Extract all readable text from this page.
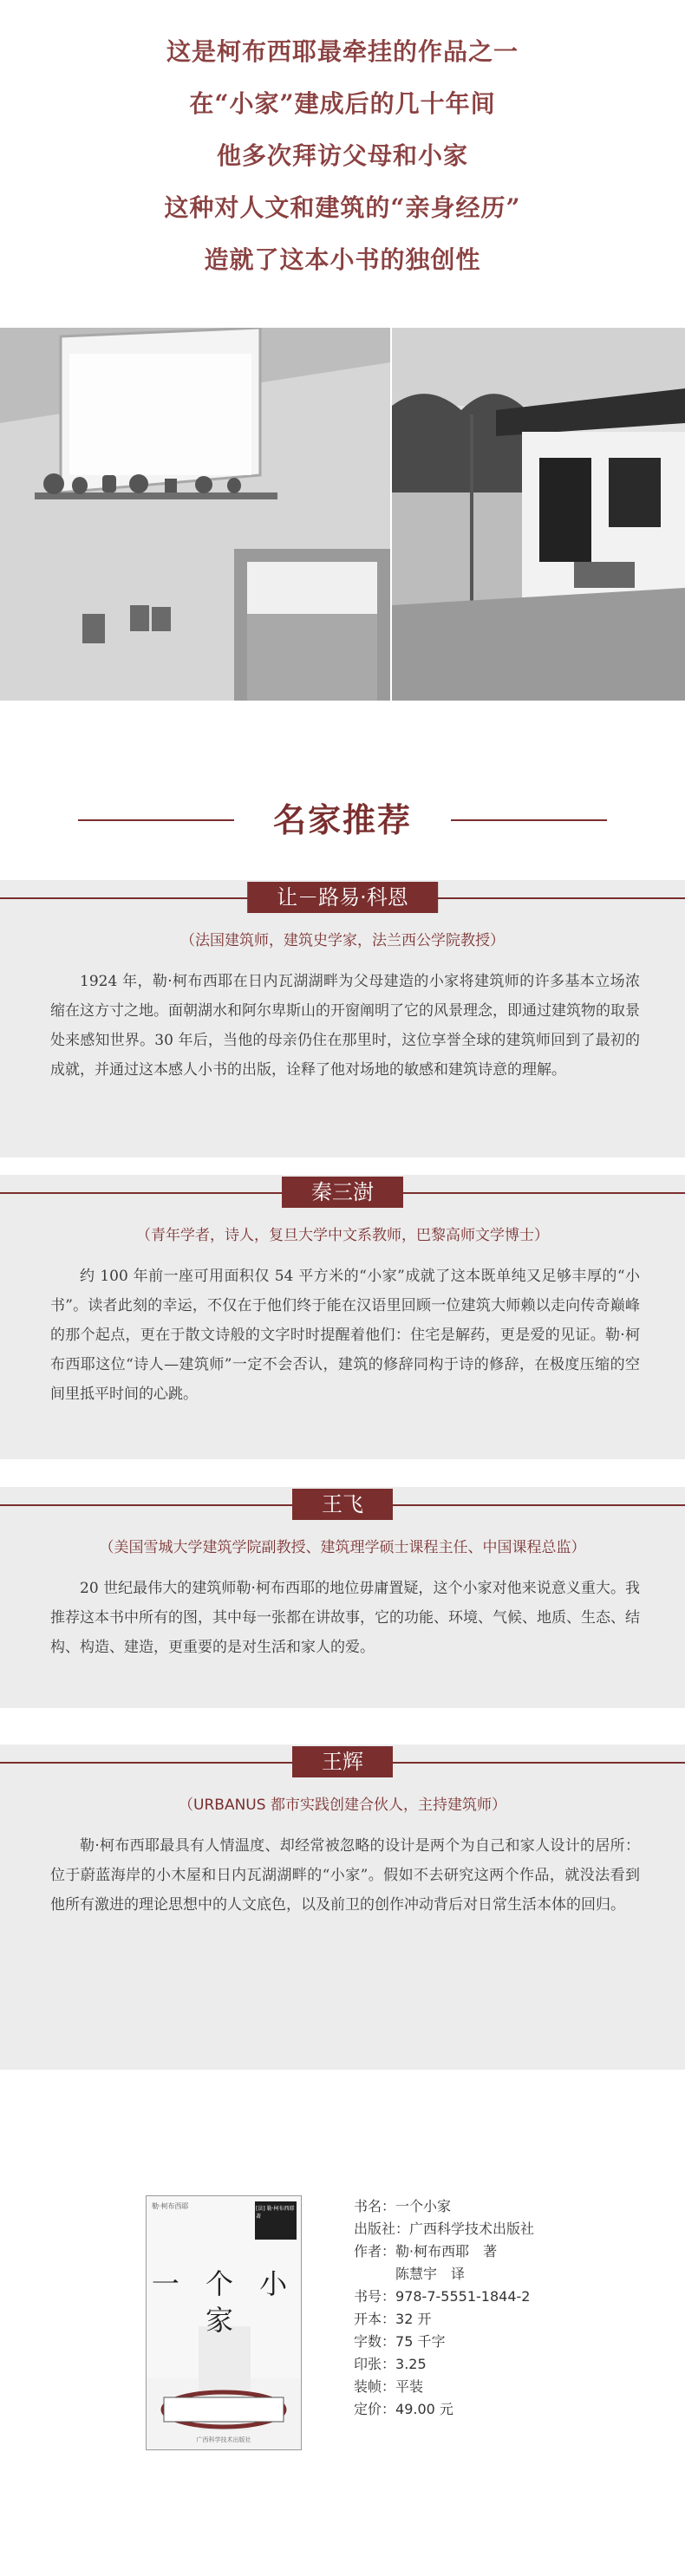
这是柯布西耶最牵挂的作品之一
在“小家”建成后的几十年间
他多次拜访父母和小家
这种对人文和建筑的“亲身经历”
造就了这本小书的独创性
名家推荐
让－路易·科恩
（法国建筑师，建筑史学家，法兰西公学院教授）
1924 年，勒·柯布西耶在日内瓦湖湖畔为父母建造的小家将建筑师的许多基本立场浓缩在这方寸之地。面朝湖水和阿尔卑斯山的开窗阐明了它的风景理念，即通过建筑物的取景处来感知世界。30 年后，当他的母亲仍住在那里时，这位享誉全球的建筑师回到了最初的成就，并通过这本感人小书的出版，诠释了他对场地的敏感和建筑诗意的理解。
秦三澍
（青年学者，诗人，复旦大学中文系教师，巴黎高师文学博士）
约 100 年前一座可用面积仅 54 平方米的“小家”成就了这本既单纯又足够丰厚的“小书”。读者此刻的幸运，不仅在于他们终于能在汉语里回顾一位建筑大师赖以走向传奇巅峰的那个起点，更在于散文诗般的文字时时提醒着他们：住宅是解药，更是爱的见证。勒·柯布西耶这位“诗人—建筑师”一定不会否认，建筑的修辞同构于诗的修辞，在极度压缩的空间里抵平时间的心跳。
王飞
（美国雪城大学建筑学院副教授、建筑理学硕士课程主任、中国课程总监）
20 世纪最伟大的建筑师勒·柯布西耶的地位毋庸置疑，这个小家对他来说意义重大。我推荐这本书中所有的图，其中每一张都在讲故事，它的功能、环境、气候、地质、生态、结构、构造、建造，更重要的是对生活和家人的爱。
王辉
（URBANUS 都市实践创建合伙人，主持建筑师）
勒·柯布西耶最具有人情温度、却经常被忽略的设计是两个为自己和家人设计的居所：位于蔚蓝海岸的小木屋和日内瓦湖湖畔的“小家”。假如不去研究这两个作品，就没法看到他所有激进的理论思想中的人文底色，以及前卫的创作冲动背后对日常生活本体的回归。
勒·柯布西耶	[法] 勒·柯布西耶 著
一 个 小 家
广西科学技术出版社
书名：一个小家
出版社：广西科学技术出版社
作者：勒·柯布西耶　著
陈慧宇　译
书号：978-7-5551-1844-2
开本：32 开
字数：75 千字
印张：3.25
装帧：平装
定价：49.00 元
